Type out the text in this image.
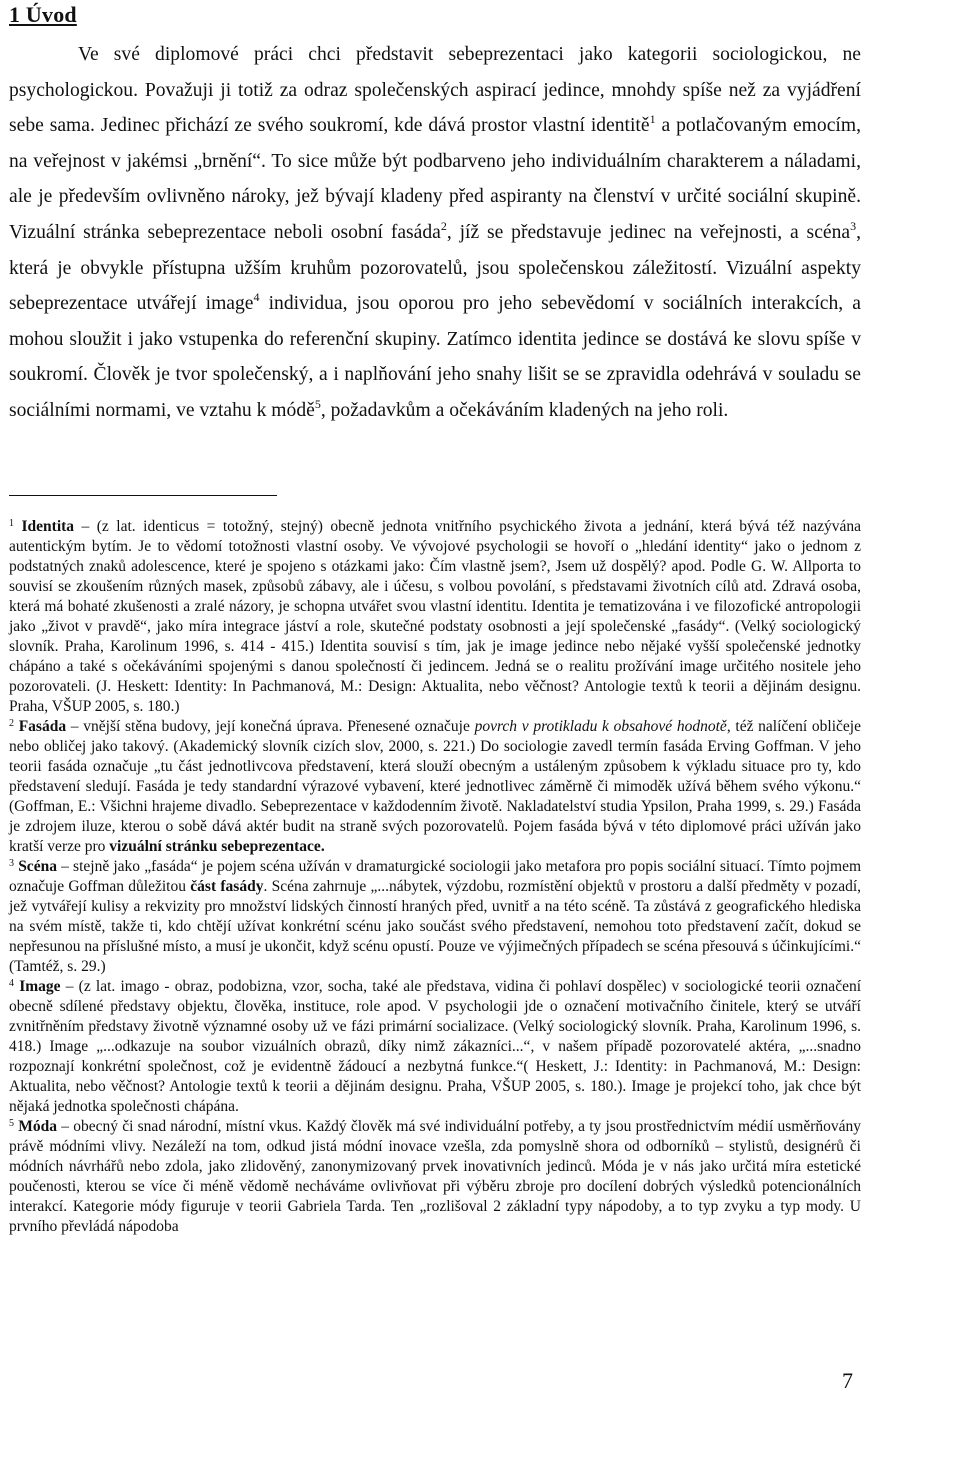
1 Úvod

Ve své diplomové práci chci představit sebeprezentaci jako kategorii sociologickou, ne psychologickou. Považuji ji totiž za odraz společenských aspirací jedince, mnohdy spíše než za vyjádření sebe sama. Jedinec přichází ze svého soukromí, kde dává prostor vlastní identitě$^1$ a potlačovaným emocím, na veřejnost v jakémsi „brnění“. To sice může být podbarveno jeho individuálním charakterem a náladami, ale je především ovlivněno nároky, jež bývají kladeny před aspiranty na členství v určité sociální skupině. Vizuální stránka sebeprezentace neboli osobní fasáda$^2$, jíž se představuje jedinec na veřejnosti, a scéna$^3$, která je obvykle přístupna užším kruhům pozorovatelů, jsou společenskou záležitostí. Vizuální aspekty sebeprezentace utvářejí image$^4$ individua, jsou oporou pro jeho sebevědomí v sociálních interakcích, a mohou sloužit i jako vstupenka do referenční skupiny. Zatímco identita jedince se dostává ke slovu spíše v soukromí. Člověk je tvor společenský, a i naplňování jeho snahy lišit se se zpravidla odehrává v souladu se sociálními normami, ve vztahu k módě$^5$, požadavkům a očekáváním kladených na jeho roli.

$^1$ Identita – (z lat. identicus = totožný, stejný) obecně jednota vnitřního psychického života a jednání, která bývá též nazývána autentickým bytím. Je to vědomí totožnosti vlastní osoby. Ve vývojové psychologii se hovoří o „hledání identity“ jako o jednom z podstatných znaků adolescence, které je spojeno s otázkami jako: Čím vlastně jsem?, Jsem už dospělý? apod. Podle G. W. Allporta to souvisí se zkoušením různých masek, způsobů zábavy, ale i účesu, s volbou povolání, s představami životních cílů atd. Zdravá osoba, která má bohaté zkušenosti a zralé názory, je schopna utvářet svou vlastní identitu. Identita je tematizována i ve filozofické antropologii jako „život v pravdě“, jako míra integrace jáství a role, skutečné podstaty osobnosti a její společenské „fasády“. (Velký sociologický slovník. Praha, Karolinum 1996, s. 414 - 415.) Identita souvisí s tím, jak je image jedince nebo nějaké vyšší společenské jednotky chápáno a také s očekáváními spojenými s danou společností či jedincem. Jedná se o realitu prožívání image určitého nositele jeho pozorovateli. (J. Heskett: Identity: In Pachmanová, M.: Design: Aktualita, nebo věčnost? Antologie textů k teorii a dějinám designu. Praha, VŠUP 2005, s. 180.)

$^2$ Fasáda – vnější stěna budovy, její konečná úprava. Přenesené označuje povrch v protikladu k obsahové hodnotě, též nalíčení obličeje nebo obličej jako takový. (Akademický slovník cizích slov, 2000, s. 221.) Do sociologie zavedl termín fasáda Erving Goffman. V jeho teorii fasáda označuje „tu část jednotlivcova představení, která slouží obecným a ustáleným způsobem k výkladu situace pro ty, kdo představení sledují. Fasáda je tedy standardní výrazové vybavení, které jednotlivec záměrně či mimoděk užívá během svého výkonu.“ (Goffman, E.: Všichni hrajeme divadlo. Sebeprezentace v každodenním životě. Nakladatelství studia Ypsilon, Praha 1999, s. 29.) Fasáda je zdrojem iluze, kterou o sobě dává aktér budit na straně svých pozorovatelů. Pojem fasáda bývá v této diplomové práci užíván jako kratší verze pro vizuální stránku sebeprezentace.

$^3$ Scéna – stejně jako „fasáda“ je pojem scéna užíván v dramaturgické sociologii jako metafora pro popis sociální situací. Tímto pojmem označuje Goffman důležitou část fasády. Scéna zahrnuje „...nábytek, výzdobu, rozmístění objektů v prostoru a další předměty v pozadí, jež vytvářejí kulisy a rekvizity pro množství lidských činností hraných před, uvnitř a na této scéně. Ta zůstává z geografického hlediska na svém místě, takže ti, kdo chtějí užívat konkrétní scénu jako součást svého představení, nemohou toto představení začít, dokud se nepřesunou na příslušné místo, a musí je ukončit, když scénu opustí. Pouze ve výjimečných případech se scéna přesouvá s účinkujícími.“ (Tamtéž, s. 29.)

$^4$ Image – (z lat. imago - obraz, podobizna, vzor, socha, také ale představa, vidina či pohlaví dospělec) v sociologické teorii označení obecně sdílené představy objektu, člověka, instituce, role apod. V psychologii jde o označení motivačního činitele, který se utváří zvnitřněním představy životně významné osoby už ve fázi primární socializace. (Velký sociologický slovník. Praha, Karolinum 1996, s. 418.) Image „...odkazuje na soubor vizuálních obrazů, díky nimž zákazníci...“, v našem případě pozorovatelé aktéra, „...snadno rozpoznají konkrétní společnost, což je evidentně žádoucí a nezbytná funkce.“( Heskett, J.: Identity: in Pachmanová, M.: Design: Aktualita, nebo věčnost? Antologie textů k teorii a dějinám designu. Praha, VŠUP 2005, s. 180.). Image je projekcí toho, jak chce být nějaká jednotka společnosti chápána.

$^5$ Móda – obecný či snad národní, místní vkus. Každý člověk má své individuální potřeby, a ty jsou prostřednictvím médií usměrňovány právě módními vlivy. Nezáleží na tom, odkud jistá módní inovace vzešla, zda pomyslně shora od odborníků – stylistů, designérů či módních návrhářů nebo zdola, jako zlidověný, zanonymizovaný prvek inovativních jedinců. Móda je v nás jako určitá míra estetické poučenosti, kterou se více či méně vědomě necháváme ovlivňovat při výběru zbroje pro docílení dobrých výsledků potencionálních interakcí. Kategorie módy figuruje v teorii Gabriela Tarda. Ten „rozlišoval 2 základní typy nápodoby, a to typ zvyku a typ mody. U prvního převládá nápodoba

7
